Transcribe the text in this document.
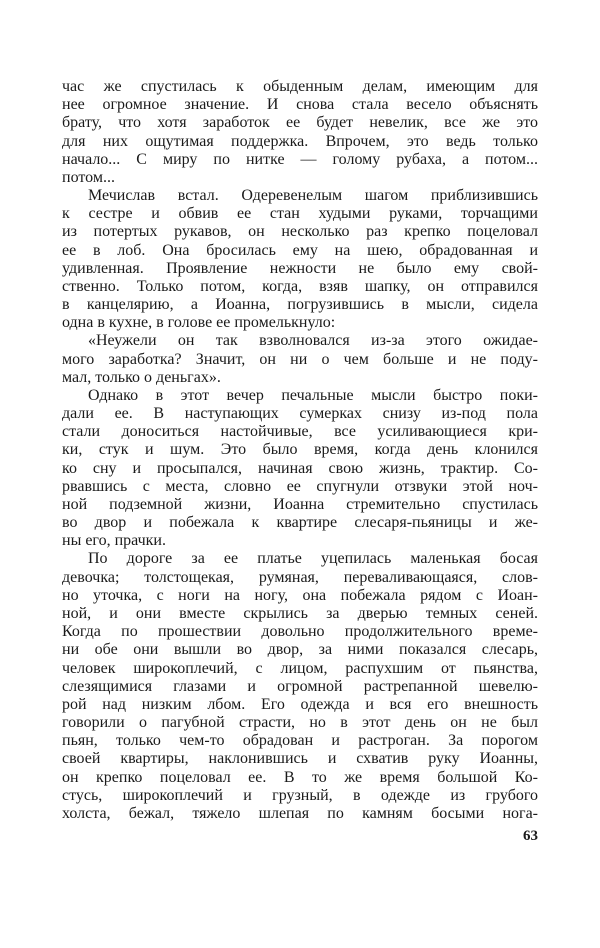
час же спустилась к обыденным делам, имеющим для
нее огромное значение. И снова стала весело объяснять
брату, что хотя заработок ее будет невелик, все же это
для них ощутимая поддержка. Впрочем, это ведь только
начало... С миру по нитке — голому рубаха, а потом...
потом...
Мечислав встал. Одеревенелым шагом приблизившись
к сестре и обвив ее стан худыми руками, торчащими
из потертых рукавов, он несколько раз крепко поцеловал
ее в лоб. Она бросилась ему на шею, обрадованная и
удивленная. Проявление нежности не было ему свой-
ственно. Только потом, когда, взяв шапку, он отправился
в канцелярию, а Иоанна, погрузившись в мысли, сидела
одна в кухне, в голове ее промелькнуло:
«Неужели он так взволновался из-за этого ожидае-
мого заработка? Значит, он ни о чем больше и не поду-
мал, только о деньгах».
Однако в этот вечер печальные мысли быстро поки-
дали ее. В наступающих сумерках снизу из-под пола
стали доноситься настойчивые, все усиливающиеся кри-
ки, стук и шум. Это было время, когда день клонился
ко сну и просыпался, начиная свою жизнь, трактир. Со-
рвавшись с места, словно ее спугнули отзвуки этой ноч-
ной подземной жизни, Иоанна стремительно спустилась
во двор и побежала к квартире слесаря-пьяницы и же-
ны его, прачки.
По дороге за ее платье уцепилась маленькая босая
девочка; толстощекая, румяная, переваливающаяся, слов-
но уточка, с ноги на ногу, она побежала рядом с Иоан-
ной, и они вместе скрылись за дверью темных сеней.
Когда по прошествии довольно продолжительного време-
ни обе они вышли во двор, за ними показался слесарь,
человек широкоплечий, с лицом, распухшим от пьянства,
слезящимися глазами и огромной растрепанной шевелю-
рой над низким лбом. Его одежда и вся его внешность
говорили о пагубной страсти, но в этот день он не был
пьян, только чем-то обрадован и растроган. За порогом
своей квартиры, наклонившись и схватив руку Иоанны,
он крепко поцеловал ее. В то же время большой Ко-
стусь, широкоплечий и грузный, в одежде из грубого
холста, бежал, тяжело шлепая по камням босыми нога-
63
